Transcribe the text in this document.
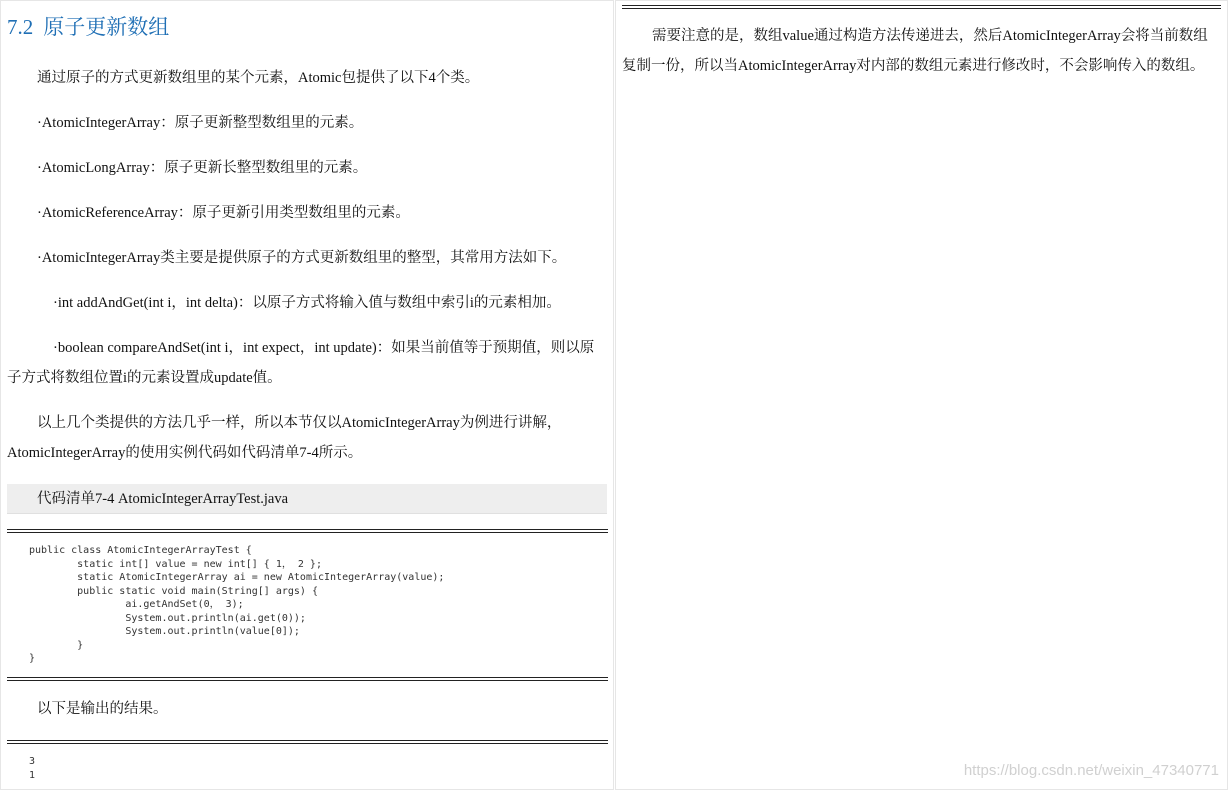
7.2 原子更新数组

通过原子的方式更新数组里的某个元素，Atomic包提供了以下4个类。

·AtomicIntegerArray：原子更新整型数组里的元素。

·AtomicLongArray：原子更新长整型数组里的元素。

·AtomicReferenceArray：原子更新引用类型数组里的元素。

·AtomicIntegerArray类主要是提供原子的方式更新数组里的整型，其常用方法如下。

·int addAndGet(int i，int delta)：以原子方式将输入值与数组中索引i的元素相加。

·boolean compareAndSet(int i，int expect，int update)：如果当前值等于预期值，则以原子方式将数组位置i的元素设置成update值。

以上几个类提供的方法几乎一样，所以本节仅以AtomicIntegerArray为例进行讲解，AtomicIntegerArray的使用实例代码如代码清单7-4所示。

代码清单7-4 AtomicIntegerArrayTest.java
public class AtomicIntegerArrayTest {
static int[] value = new int[] { 1， 2 };
static AtomicIntegerArray ai = new AtomicIntegerArray(value);
public static void main(String[] args) {
ai.getAndSet(0， 3);
System.out.println(ai.get(0));
System.out.println(value[0]);
}
}

以下是输出的结果。

3
1

需要注意的是，数组value通过构造方法传递进去，然后AtomicIntegerArray会将当前数组复制一份，所以当AtomicIntegerArray对内部的数组元素进行修改时，不会影响传入的数组。

https://blog.csdn.net/weixin_47340771
